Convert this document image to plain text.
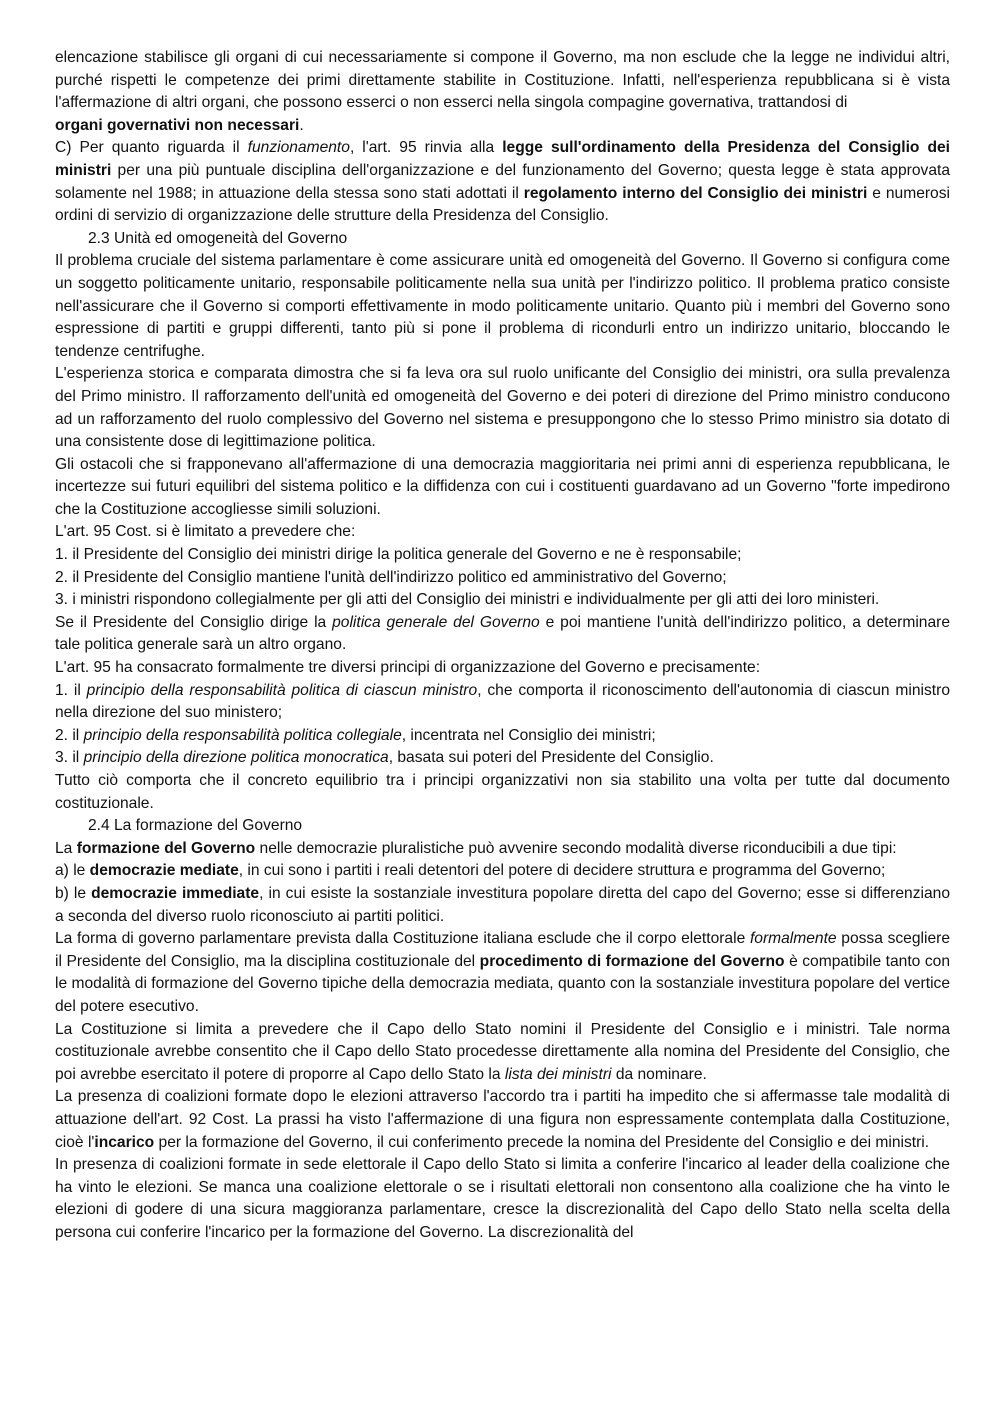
elencazione stabilisce gli organi di cui necessariamente si compone il Governo, ma non esclude che la legge ne individui altri, purché rispetti le competenze dei primi direttamente stabilite in Costituzione. Infatti, nell'esperienza repubblicana si è vista l'affermazione di altri organi, che possono esserci o non esserci nella singola compagine governativa, trattandosi di

organi governativi non necessari.

C) Per quanto riguarda il funzionamento, l'art. 95 rinvia alla legge sull'ordinamento della Presidenza del Consiglio dei ministri per una più puntuale disciplina dell'organizzazione e del funzionamento del Governo; questa legge è stata approvata solamente nel 1988; in attuazione della stessa sono stati adottati il regolamento interno del Consiglio dei ministri e numerosi ordini di servizio di organizzazione delle strutture della Presidenza del Consiglio.

2.3 Unità ed omogeneità del Governo

Il problema cruciale del sistema parlamentare è come assicurare unità ed omogeneità del Governo. Il Governo si configura come un soggetto politicamente unitario, responsabile politicamente nella sua unità per l'indirizzo politico. Il problema pratico consiste nell'assicurare che il Governo si comporti effettivamente in modo politicamente unitario. Quanto più i membri del Governo sono espressione di partiti e gruppi differenti, tanto più si pone il problema di ricondurli entro un indirizzo unitario, bloccando le tendenze centrifughe.

L'esperienza storica e comparata dimostra che si fa leva ora sul ruolo unificante del Consiglio dei ministri, ora sulla prevalenza del Primo ministro. Il rafforzamento dell'unità ed omogeneità del Governo e dei poteri di direzione del Primo ministro conducono ad un rafforzamento del ruolo complessivo del Governo nel sistema e presuppongono che lo stesso Primo ministro sia dotato di una consistente dose di legittimazione politica.

Gli ostacoli che si frapponevano all'affermazione di una democrazia maggioritaria nei primi anni di esperienza repubblicana, le incertezze sui futuri equilibri del sistema politico e la diffidenza con cui i costituenti guardavano ad un Governo "forte impedirono che la Costituzione accogliesse simili soluzioni.

L'art. 95 Cost. si è limitato a prevedere che:

1. il Presidente del Consiglio dei ministri dirige la politica generale del Governo e ne è responsabile;

2. il Presidente del Consiglio mantiene l'unità dell'indirizzo politico ed amministrativo del Governo;

3. i ministri rispondono collegialmente per gli atti del Consiglio dei ministri e individualmente per gli atti dei loro ministeri.

Se il Presidente del Consiglio dirige la politica generale del Governo e poi mantiene l'unità dell'indirizzo politico, a determinare tale politica generale sarà un altro organo.

L'art. 95 ha consacrato formalmente tre diversi principi di organizzazione del Governo e precisamente:

1. il principio della responsabilità politica di ciascun ministro, che comporta il riconoscimento dell'autonomia di ciascun ministro nella direzione del suo ministero;

2. il principio della responsabilità politica collegiale, incentrata nel Consiglio dei ministri;

3. il principio della direzione politica monocratica, basata sui poteri del Presidente del Consiglio.

Tutto ciò comporta che il concreto equilibrio tra i principi organizzativi non sia stabilito una volta per tutte dal documento costituzionale.

2.4 La formazione del Governo

La formazione del Governo nelle democrazie pluralistiche può avvenire secondo modalità diverse riconducibili a due tipi:

a) le democrazie mediate, in cui sono i partiti i reali detentori del potere di decidere struttura e programma del Governo;

b) le democrazie immediate, in cui esiste la sostanziale investitura popolare diretta del capo del Governo; esse si differenziano a seconda del diverso ruolo riconosciuto ai partiti politici.

La forma di governo parlamentare prevista dalla Costituzione italiana esclude che il corpo elettorale formalmente possa scegliere il Presidente del Consiglio, ma la disciplina costituzionale del procedimento di formazione del Governo è compatibile tanto con le modalità di formazione del Governo tipiche della democrazia mediata, quanto con la sostanziale investitura popolare del vertice del potere esecutivo.

La Costituzione si limita a prevedere che il Capo dello Stato nomini il Presidente del Consiglio e i ministri. Tale norma costituzionale avrebbe consentito che il Capo dello Stato procedesse direttamente alla nomina del Presidente del Consiglio, che poi avrebbe esercitato il potere di proporre al Capo dello Stato la lista dei ministri da nominare.

La presenza di coalizioni formate dopo le elezioni attraverso l'accordo tra i partiti ha impedito che si affermasse tale modalità di attuazione dell'art. 92 Cost. La prassi ha visto l'affermazione di una figura non espressamente contemplata dalla Costituzione, cioè l'incarico per la formazione del Governo, il cui conferimento precede la nomina del Presidente del Consiglio e dei ministri.

In presenza di coalizioni formate in sede elettorale il Capo dello Stato si limita a conferire l'incarico al leader della coalizione che ha vinto le elezioni. Se manca una coalizione elettorale o se i risultati elettorali non consentono alla coalizione che ha vinto le elezioni di godere di una sicura maggioranza parlamentare, cresce la discrezionalità del Capo dello Stato nella scelta della persona cui conferire l'incarico per la formazione del Governo. La discrezionalità del
